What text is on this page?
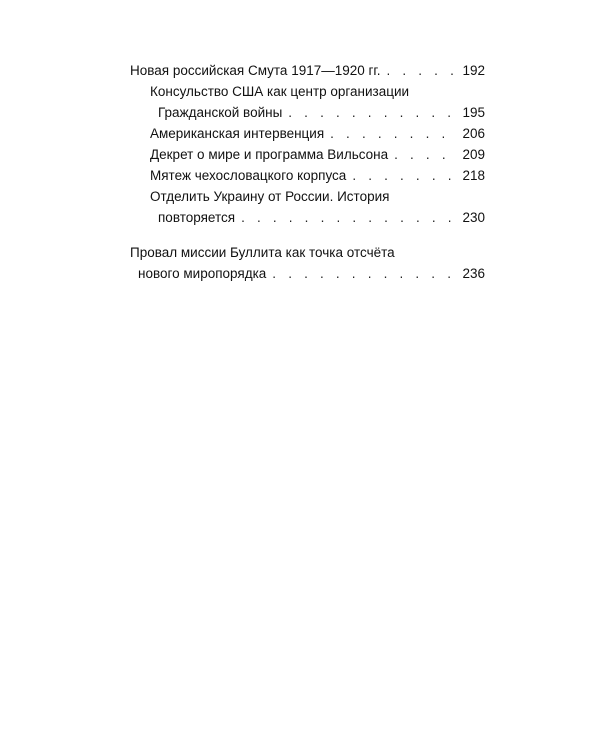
Новая российская Смута 1917—1920 гг. . . .	192
Консульство США как центр организации
Гражданской войны . . .	195
Американская интервенция . . .	206
Декрет о мире и программа Вильсона . . .	209
Мятеж чехословацкого корпуса . . .	218
Отделить Украину от России. История
повторяется . . .	230
Провал миссии Буллита как точка отсчёта
нового миропорядка . . .	236
